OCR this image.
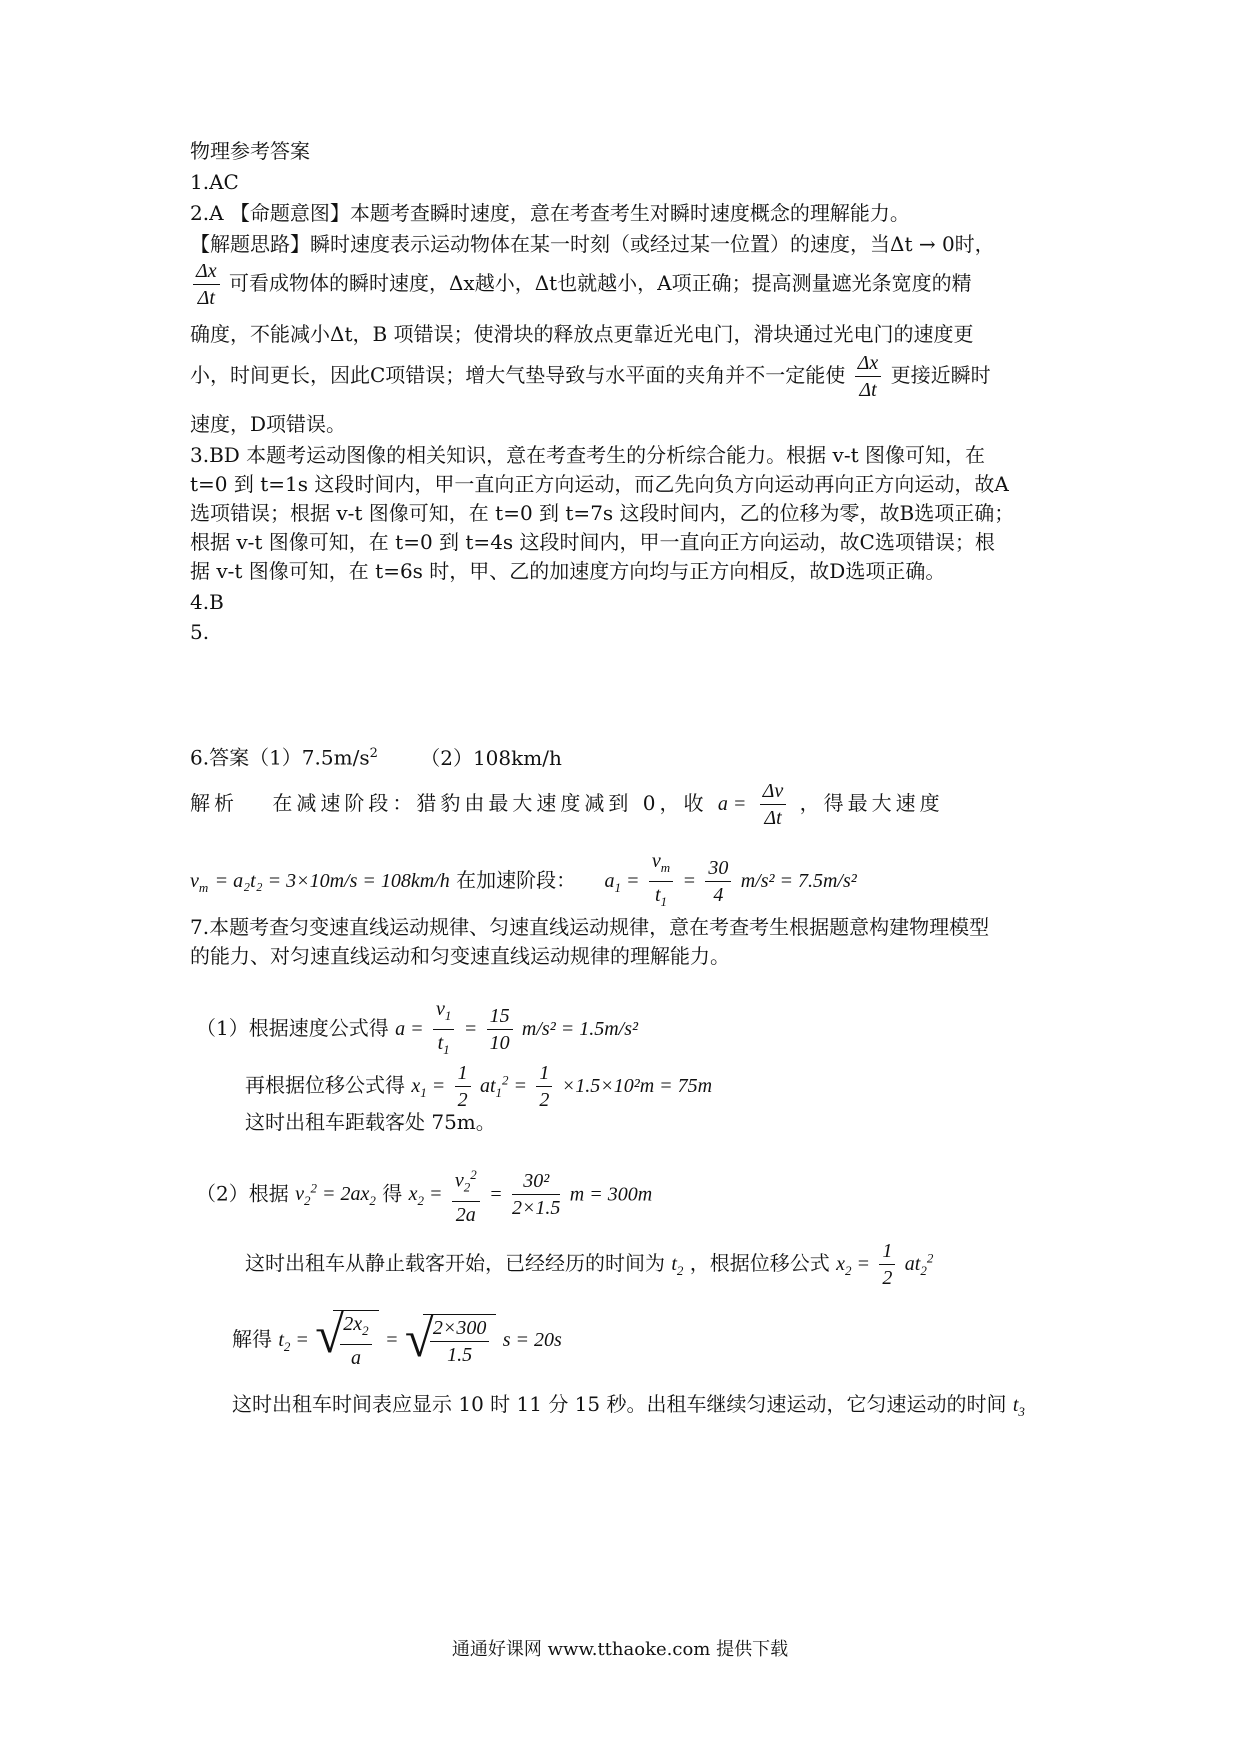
物理参考答案
1.AC
2.A 【命题意图】本题考查瞬时速度，意在考查考生对瞬时速度概念的理解能力。
【解题思路】瞬时速度表示运动物体在某一时刻（或经过某一位置）的速度，当Δt → 0时，
$\frac{\Delta x}{\Delta t}$ 可看成物体的瞬时速度，Δx越小，Δt也就越小，A项正确；提高测量遮光条宽度的精
确度，不能减小Δt，B 项错误；使滑块的释放点更靠近光电门，滑块通过光电门的速度更
小，时间更长，因此C项错误；增大气垫导致与水平面的夹角并不一定能使 $\frac{\Delta x}{\Delta t}$ 更接近瞬时
速度，D项错误。
3.BD 本题考运动图像的相关知识，意在考查考生的分析综合能力。根据 v-t 图像可知，在
t=0 到 t=1s 这段时间内，甲一直向正方向运动，而乙先向负方向运动再向正方向运动，故A
选项错误；根据 v-t 图像可知，在 t=0 到 t=7s 这段时间内，乙的位移为零，故B选项正确；
根据 v-t 图像可知，在 t=0 到 t=4s 这段时间内，甲一直向正方向运动，故C选项错误；根
据 v-t 图像可知，在 t=6s 时，甲、乙的加速度方向均与正方向相反，故D选项正确。
4.B
5.
6.答案$(1)7.5m/s^2$ （2）108km/h
解析　 在减速阶段：猎豹由最大速度减到 0，收 $a = \frac{\Delta v}{\Delta t}$ ，得最大速度
$v_m = a_2t_2 = 3\times 10m/s = 108km/h$ 在加速阶段： $a_1 = \frac{v_m}{t_1} = \frac{30}{4} m/s^2 = 7.5m/s^2$
7.本题考查匀变速直线运动规律、匀速直线运动规律，意在考查考生根据题意构建物理模型
的能力、对匀速直线运动和匀变速直线运动规律的理解能力。
（1）根据速度公式得 $a = \frac{v_1}{t_1} = \frac{15}{10} m/s^2 = 1.5m/s^2$
再根据位移公式得 $x_1 = \frac{1}{2} at_1^2 = \frac{1}{2} \times 1.5\times 10^2m = 75m$
这时出租车距载客处 75m。
（2）根据 $v_2^2 = 2ax_2$ 得 $x_2 = \frac{v_2^2}{2a} = \frac{\text{30²}}{2\times 1.5}$ m = 300m
这时出租车从静止载客开始，已经经历的时间为 $t_2$ ，根据位移公式 $x_2 = \frac{1}{2} at_2^2$
解得 $t_2$ = √
$\frac{2x_2}{a}$ = √
$\frac{2\times 300}{1.5}$ s = 20s
这时出租车时间表应显示 10 时 11 分 15 秒。出租车继续匀速运动，它匀速运动的时间 $t_3$
通通好课网 www.tthaoke.com 提供下载
